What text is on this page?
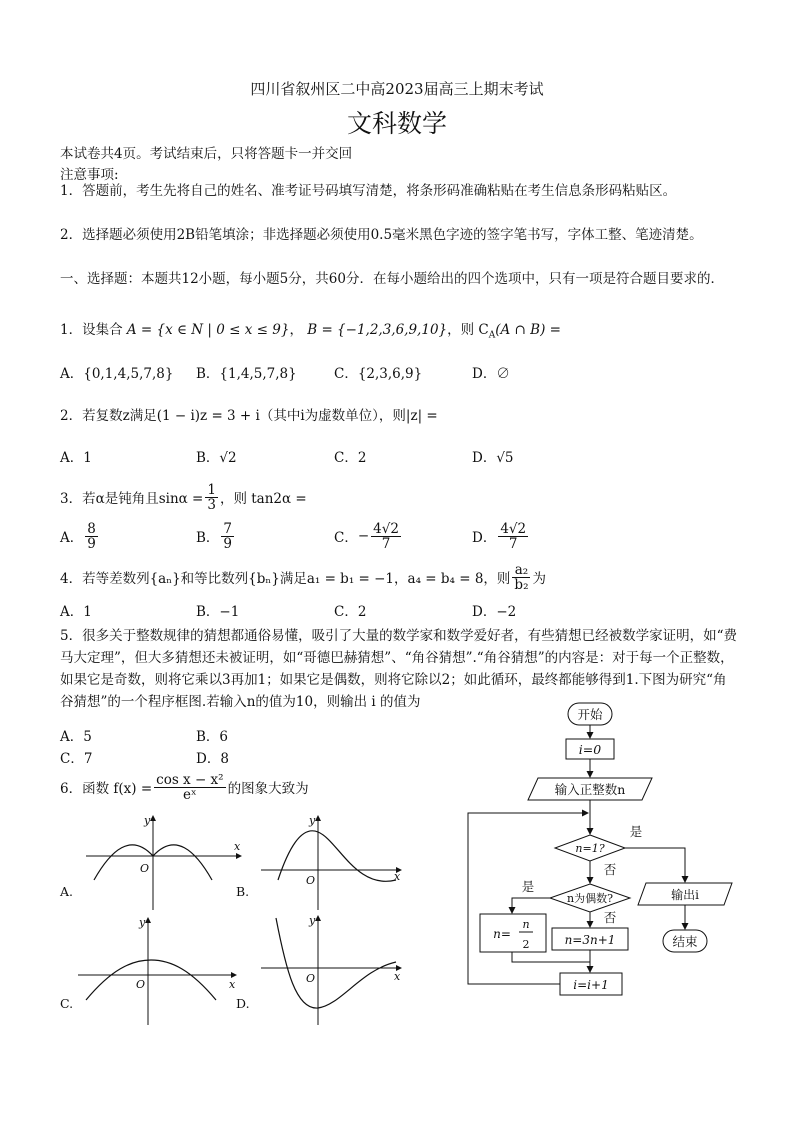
四川省叙州区二中高2023届高三上期末考试
文科数学
本试卷共4页。考试结束后，只将答题卡一并交回
注意事项:
1．答题前，考生先将自己的姓名、准考证号码填写清楚，将条形码准确粘贴在考生信息条形码粘贴区。
2．选择题必须使用2B铅笔填涂；非选择题必须使用0.5毫米黑色字迹的签字笔书写，字体工整、笔迹清楚。
一、选择题：本题共12小题，每小题5分，共60分．在每小题给出的四个选项中，只有一项是符合题目要求的．
1．设集合 A = {x ∈ N | 0 ≤ x ≤ 9}， B = {−1,2,3,6,9,10}，则 $C_A(A$ ∩ B) =
A．{0,1,4,5,7,8} B．{1,4,5,7,8}	C．{2,3,6,9}	D．∅
2．若复数z满足(1 − i)z = 3 + i（其中i为虚数单位），则|z| =
A．1	B．√2	C．2	D．√5
3．若α是钝角且$\sin\alpha = \frac{1}{3}$ ，则 tan2α =
A． $\frac{8}{9}$	B． $\frac{7}{9}$	C． − $\frac{4√2}{7}$	D． $\frac{4√2}{7}$
4．若等差数列{aₙ}和等比数列{bₙ}满足a₁ = b₁ = −1，a₄ = b₄ = 8，则 $\frac{\text{a₂}}{\text{b₂}}$ 为
A．1	B．−1	C．2	D．−2
5．很多关于整数规律的猜想都通俗易懂，吸引了大量的数学家和数学爱好者，有些猜想已经被数学家证明，如“费
马大定理”，但大多猜想还未被证明，如“哥德巴赫猜想”、“角谷猜想”.“角谷猜想”的内容是：对于每一个正整数，
如果它是奇数，则将它乘以3再加1；如果它是偶数，则将它除以2；如此循环，最终都能够得到1.下图为研究“角
谷猜想”的一个程序框图.若输入n的值为10，则输出 i 的值为
A．5	B．6
C．7	D．8
6．函数 $f(x) = \frac{\text{cos x − x²}}{\text{eˣ}}$ 的图象大致为
x
y
O
x
y
O
x
y
O
x
y
O
A.	B.
C.	D.
开始
i=0
输入正整数n
n=1?
是
否
n为偶数?
是
否
输出i
结束
n=3n+1
i=i+1
n=
n
2
